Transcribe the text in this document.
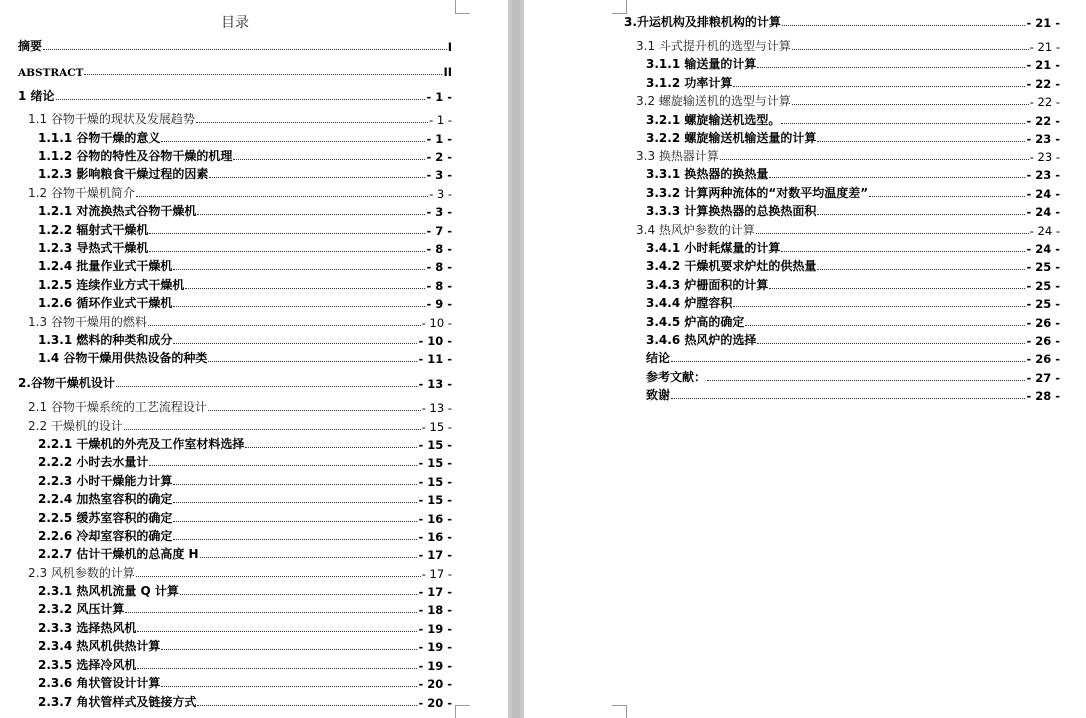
目录
摘要	I
ABSTRACT	II
1 绪论	- 1 -
1.1 谷物干燥的现状及发展趋势	- 1 -
1.1.1 谷物干燥的意义	- 1 -
1.1.2 谷物的特性及谷物干燥的机理	- 2 -
1.2.3 影响粮食干燥过程的因素	- 3 -
1.2 谷物干燥机简介	- 3 -
1.2.1 对流换热式谷物干燥机	- 3 -
1.2.2 辐射式干燥机	- 7 -
1.2.3 导热式干燥机	- 8 -
1.2.4 批量作业式干燥机	- 8 -
1.2.5 连续作业方式干燥机	- 8 -
1.2.6 循环作业式干燥机	- 9 -
1.3 谷物干燥用的燃料	- 10 -
1.3.1 燃料的种类和成分	- 10 -
1.4 谷物干燥用供热设备的种类	- 11 -
2.谷物干燥机设计	- 13 -
2.1 谷物干燥系统的工艺流程设计	- 13 -
2.2 干燥机的设计	- 15 -
2.2.1 干燥机的外壳及工作室材料选择	- 15 -
2.2.2 小时去水量计	- 15 -
2.2.3 小时干燥能力计算	- 15 -
2.2.4 加热室容积的确定	- 15 -
2.2.5 缓苏室容积的确定	- 16 -
2.2.6 冷却室容积的确定	- 16 -
2.2.7 估计干燥机的总高度 H	- 17 -
2.3 风机参数的计算	- 17 -
2.3.1 热风机流量 Q 计算	- 17 -
2.3.2 风压计算	- 18 -
2.3.3 选择热风机	- 19 -
2.3.4 热风机供热计算	- 19 -
2.3.5 选择冷风机	- 19 -
2.3.6 角状管设计计算	- 20 -
2.3.7 角状管样式及链接方式	- 20 -
3.升运机构及排粮机构的计算	- 21 -
3.1 斗式提升机的选型与计算	- 21 -
3.1.1 输送量的计算	- 21 -
3.1.2 功率计算	- 22 -
3.2 螺旋输送机的选型与计算	- 22 -
3.2.1 螺旋输送机选型。	- 22 -
3.2.2 螺旋输送机输送量的计算	- 23 -
3.3 换热器计算	- 23 -
3.3.1 换热器的换热量	- 23 -
3.3.2 计算两种流体的“对数平均温度差”	- 24 -
3.3.3 计算换热器的总换热面积	- 24 -
3.4 热风炉参数的计算	- 24 -
3.4.1 小时耗煤量的计算	- 24 -
3.4.2 干燥机要求炉灶的供热量	- 25 -
3.4.3 炉栅面积的计算	- 25 -
3.4.4 炉膛容积	- 25 -
3.4.5 炉高的确定	- 26 -
3.4.6 热风炉的选择	- 26 -
结论	- 26 -
参考文献：	- 27 -
致谢	- 28 -
